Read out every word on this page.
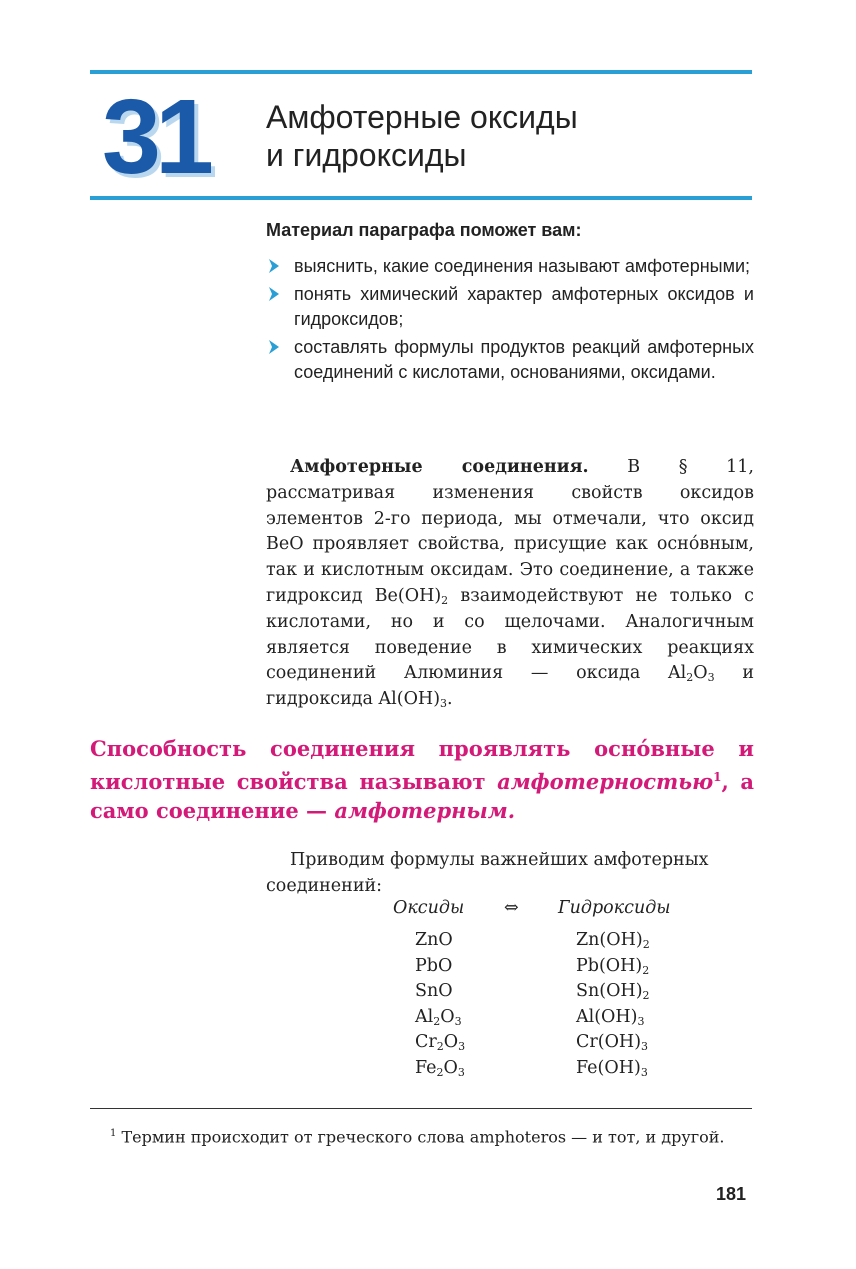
31 Амфотерные оксиды
и гидроксиды
Материал параграфа поможет вам:
выяснить, какие соединения называют амфотерными;
понять химический характер амфотерных оксидов и гидроксидов;
составлять формулы продуктов реакций амфотерных соединений с кислотами, основаниями, оксидами.

Амфотерные соединения. В § 11, рассматривая изменения свойств оксидов элементов 2-го периода, мы отмечали, что оксид BeO проявляет свойства, присущие как оснóвным, так и кислотным оксидам. Это соединение, а также гидроксид $Be(OH)_2$ взаимодействуют не только с кислотами, но и со щелочами. Аналогичным является поведение в химических реакциях соединений Алюминия — оксида $Al_2O_3$ и гидроксида $Al(OH)_3$.

Способность соединения проявлять оснóвные и кислотные свойства называют амфотерностью$^1$, а само соединение — амфотерным.

Приводим формулы важнейших амфотерных соединений:

Оксиды ⇔ Гидроксиды
ZnO	$Zn(OH)_2$
PbO	$Pb(OH)_2$
SnO	$Sn(OH)_2$
$Al_2O_3$	$Al(OH)_3$
$Cr_2O_3$	$Cr(OH)_3$
$Fe_2O_3$	$Fe(OH)_3$

$^1$ Термин происходит от греческого слова amphoteros — и тот, и другой.

181
